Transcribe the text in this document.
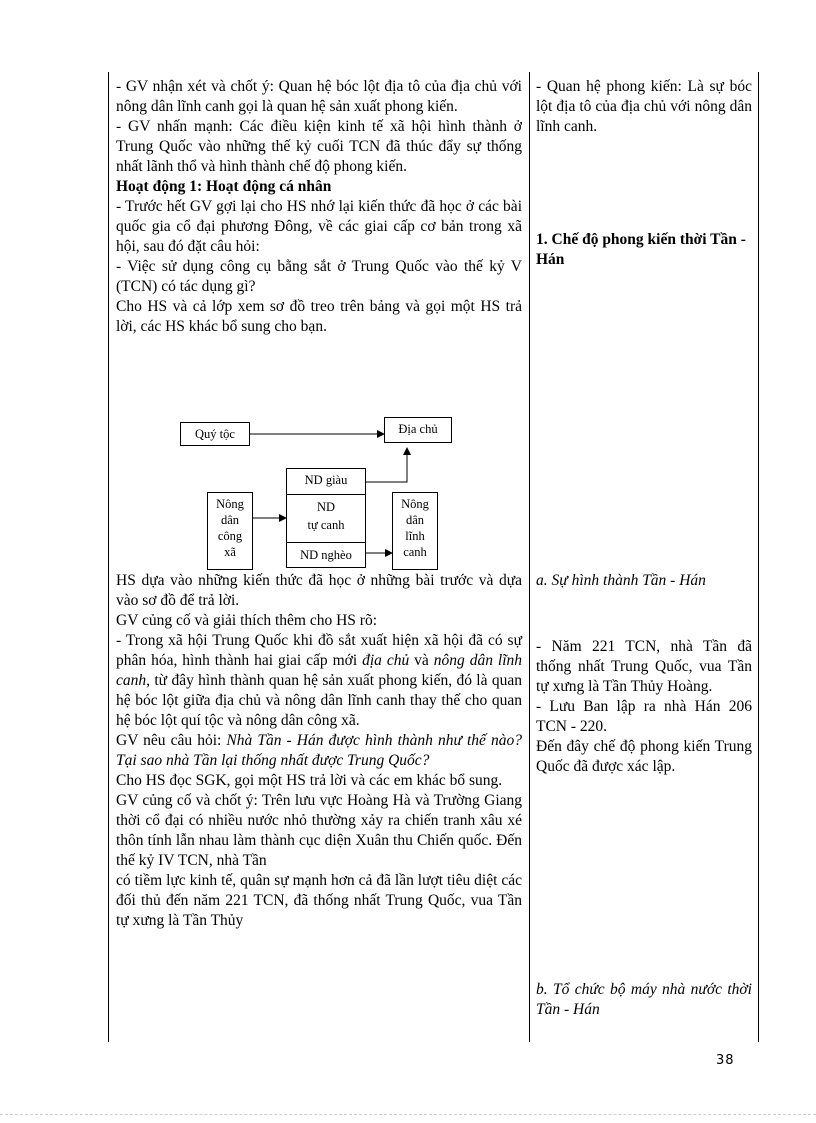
- GV nhận xét và chốt ý: Quan hệ bóc lột địa tô của địa chủ với nông dân lĩnh canh gọi là quan hệ sản xuất phong kiến.

- GV nhấn mạnh: Các điều kiện kinh tế xã hội hình thành ở Trung Quốc vào những thế kỷ cuối TCN đã thúc đẩy sự thống nhất lãnh thổ và hình thành chế độ phong kiến.

Hoạt động 1: Hoạt động cá nhân

- Trước hết GV gợi lại cho HS nhớ lại kiến thức đã học ở các bài quốc gia cổ đại phương Đông, về các giai cấp cơ bản trong xã hội, sau đó đặt câu hỏi:

- Việc sử dụng công cụ bằng sắt ở Trung Quốc vào thế kỷ V (TCN) có tác dụng gì?

Cho HS và cả lớp xem sơ đồ treo trên bảng và gọi một HS trả lời, các HS khác bổ sung cho bạn.

HS dựa vào những kiến thức đã học ở những bài trước và dựa vào sơ đồ để trả lời.

GV củng cố và giải thích thêm cho HS rõ:

- Trong xã hội Trung Quốc khi đồ sắt xuất hiện xã hội đã có sự phân hóa, hình thành hai giai cấp mới địa chủ và nông dân lĩnh canh, từ đây hình thành quan hệ sản xuất phong kiến, đó là quan hệ bóc lột giữa địa chủ và nông dân lĩnh canh thay thế cho quan hệ bóc lột quí tộc và nông dân công xã.

GV nêu câu hỏi: Nhà Tần - Hán được hình thành như thế nào? Tại sao nhà Tần lại thống nhất được Trung Quốc?

Cho HS đọc SGK, gọi một HS trả lời và các em khác bổ sung.

GV củng cố và chốt ý: Trên lưu vực Hoàng Hà và Trường Giang thời cổ đại có nhiều nước nhỏ thường xảy ra chiến tranh xâu xé thôn tính lẫn nhau làm thành cục diện Xuân thu Chiến quốc. Đến thế kỷ IV TCN, nhà Tần

có tiềm lực kinh tế, quân sự mạnh hơn cả đã lần lượt tiêu diệt các đối thủ đến năm 221 TCN, đã thống nhất Trung Quốc, vua Tần tự xưng là Tần Thủy

- Quan hệ phong kiến: Là sự bóc lột địa tô của địa chủ với nông dân lĩnh canh.

1. Chế độ phong kiến thời Tần - Hán

a. Sự hình thành Tần - Hán

- Năm 221 TCN, nhà Tần đã thống nhất Trung Quốc, vua Tần tự xưng là Tần Thủy Hoàng.

- Lưu Ban lập ra nhà Hán 206 TCN - 220.

Đến đây chế độ phong kiến Trung Quốc đã được xác lập.

b. Tổ chức bộ máy nhà nước thời Tần - Hán

Quý tộc	Địa chủ
ND giàu
ND
tự canh
ND nghèo
Nông
dân
công
xã
Nông
dân
lĩnh
canh
38
